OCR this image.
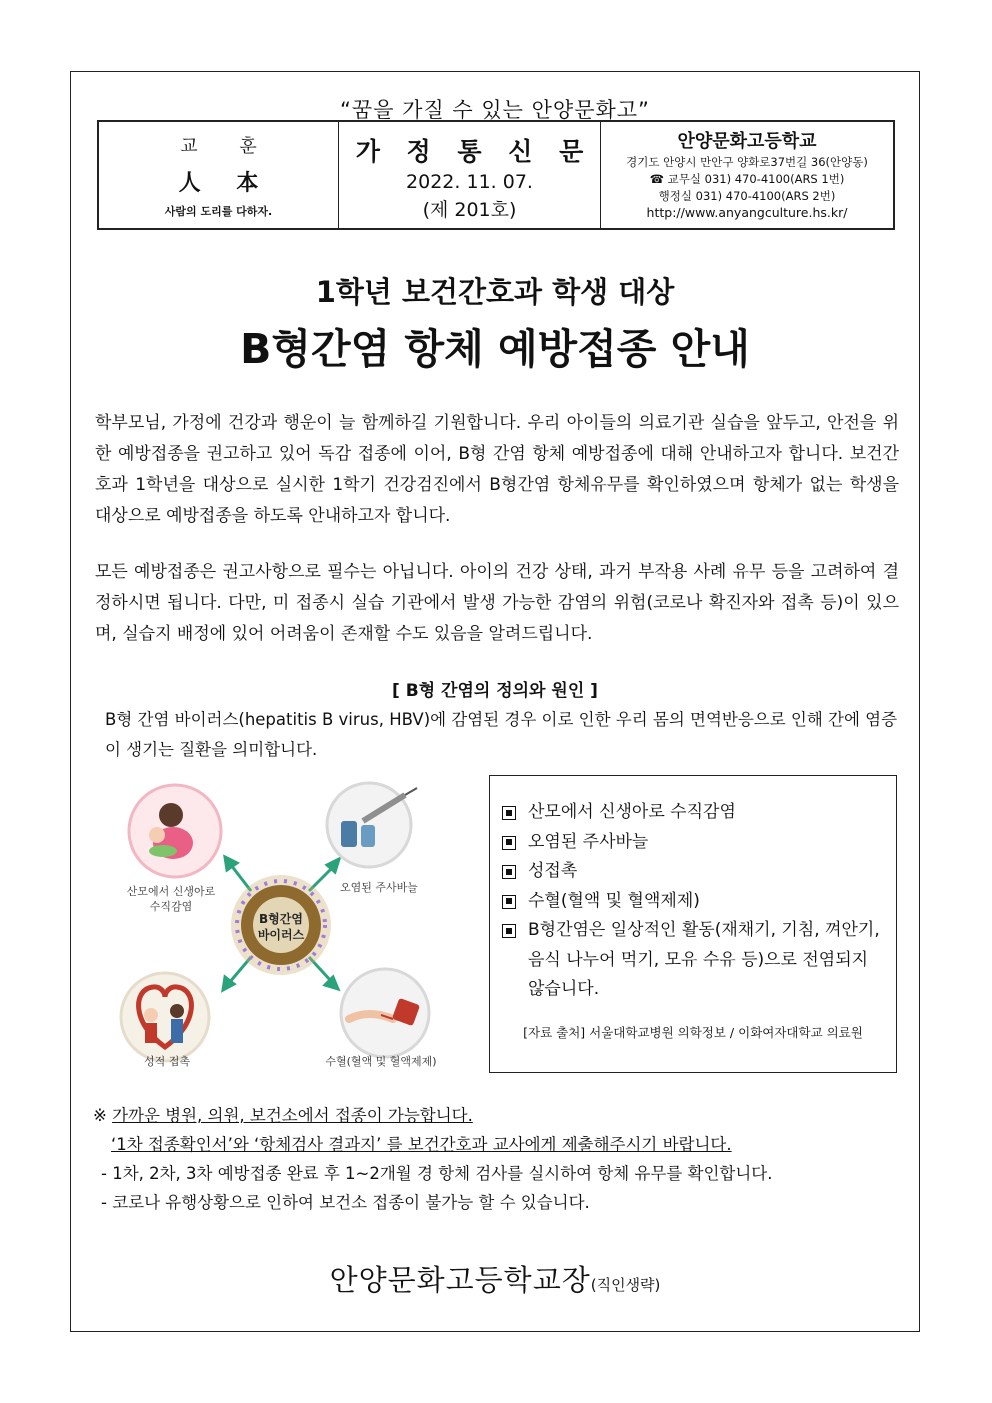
“꿈을 가질 수 있는 안양문화고”
교 훈
人 本
사람의 도리를 다하자.
가 정 통 신 문
2022. 11. 07.
(제 201호)
안양문화고등학교
경기도 안양시 만안구 양화로37번길 36(안양동)
☎ 교무실 031) 470-4100(ARS 1번)
행정실 031) 470-4100(ARS 2번)
http://www.anyangculture.hs.kr/
1학년 보건간호과 학생 대상
B형간염 항체 예방접종 안내

학부모님, 가정에 건강과 행운이 늘 함께하길 기원합니다. 우리 아이들의 의료기관 실습을 앞두고, 안전을 위한 예방접종을 권고하고 있어 독감 접종에 이어, B형 간염 항체 예방접종에 대해 안내하고자 합니다. 보건간호과 1학년을 대상으로 실시한 1학기 건강검진에서 B형간염 항체유무를 확인하였으며 항체가 없는 학생을 대상으로 예방접종을 하도록 안내하고자 합니다.

모든 예방접종은 권고사항으로 필수는 아닙니다. 아이의 건강 상태, 과거 부작용 사례 유무 등을 고려하여 결정하시면 됩니다. 다만, 미 접종시 실습 기관에서 발생 가능한 감염의 위험(코로나 확진자와 접촉 등)이 있으며, 실습지 배정에 있어 어려움이 존재할 수도 있음을 알려드립니다.

[ B형 간염의 정의와 원인 ]

B형 간염 바이러스(hepatitis B virus, HBV)에 감염된 경우 이로 인한 우리 몸의 면역반응으로 인해 간에 염증이 생기는 질환을 의미합니다.

산모에서 신생아로
수직감염
오염된 주사바늘
B형간염
바이러스
성적 접촉	수혈(혈액 및 혈액제제)
산모에서 신생아로 수직감염
오염된 주사바늘
성접촉
수혈(혈액 및 혈액제제)
B형간염은 일상적인 활동(재채기, 기침, 껴안기, 음식 나누어 먹기, 모유 수유 등)으로 전염되지 않습니다.
[자료 출처] 서울대학교병원 의학정보 / 이화여자대학교 의료원
※ 가까운 병원, 의원, 보건소에서 접종이 가능합니다.
‘1차 접종확인서’와 ‘항체검사 결과지’ 를 보건간호과 교사에게 제출해주시기 바랍니다.
- 1차, 2차, 3차 예방접종 완료 후 1~2개월 경 항체 검사를 실시하여 항체 유무를 확인합니다.
- 코로나 유행상황으로 인하여 보건소 접종이 불가능 할 수 있습니다.
안양문화고등학교장(직인생략)
